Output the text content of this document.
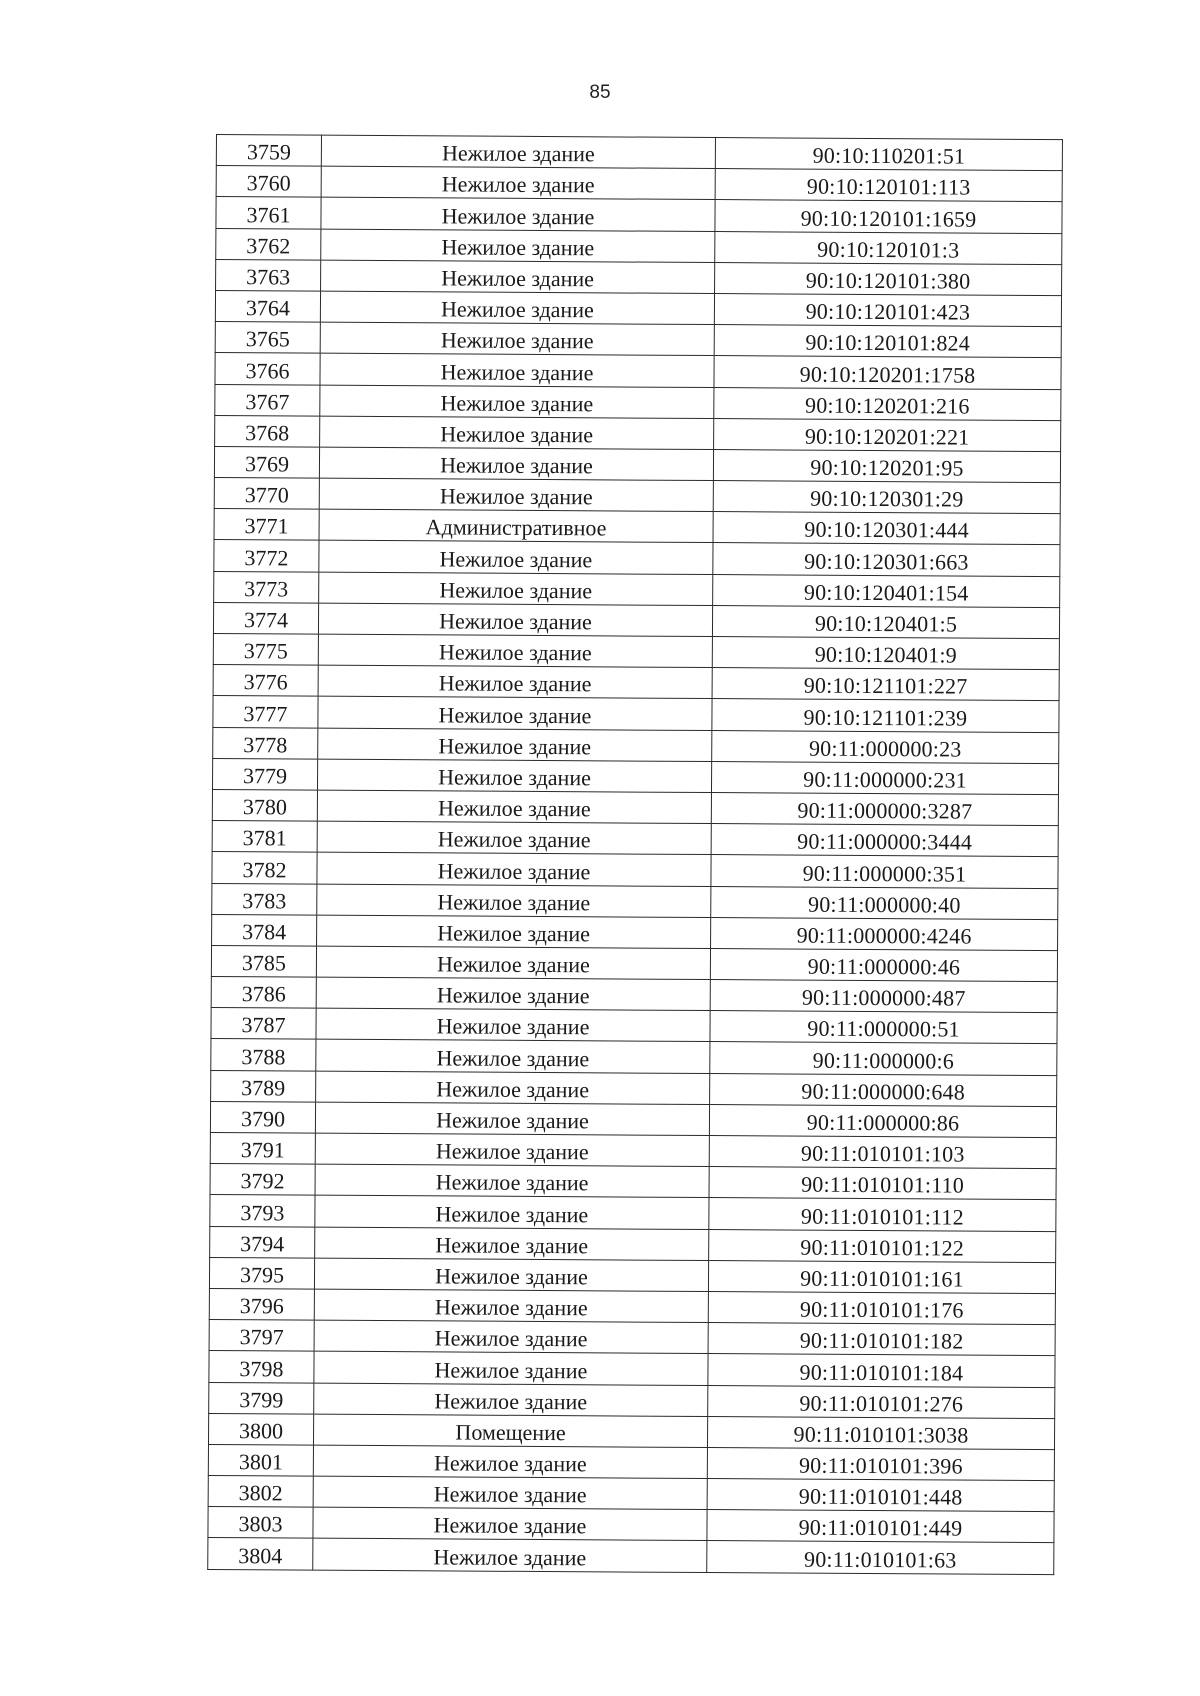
85
3759	Нежилое здание	90:10:110201:51
3760	Нежилое здание	90:10:120101:113
3761	Нежилое здание	90:10:120101:1659
3762	Нежилое здание	90:10:120101:3
3763	Нежилое здание	90:10:120101:380
3764	Нежилое здание	90:10:120101:423
3765	Нежилое здание	90:10:120101:824
3766	Нежилое здание	90:10:120201:1758
3767	Нежилое здание	90:10:120201:216
3768	Нежилое здание	90:10:120201:221
3769	Нежилое здание	90:10:120201:95
3770	Нежилое здание	90:10:120301:29
3771	Административное	90:10:120301:444
3772	Нежилое здание	90:10:120301:663
3773	Нежилое здание	90:10:120401:154
3774	Нежилое здание	90:10:120401:5
3775	Нежилое здание	90:10:120401:9
3776	Нежилое здание	90:10:121101:227
3777	Нежилое здание	90:10:121101:239
3778	Нежилое здание	90:11:000000:23
3779	Нежилое здание	90:11:000000:231
3780	Нежилое здание	90:11:000000:3287
3781	Нежилое здание	90:11:000000:3444
3782	Нежилое здание	90:11:000000:351
3783	Нежилое здание	90:11:000000:40
3784	Нежилое здание	90:11:000000:4246
3785	Нежилое здание	90:11:000000:46
3786	Нежилое здание	90:11:000000:487
3787	Нежилое здание	90:11:000000:51
3788	Нежилое здание	90:11:000000:6
3789	Нежилое здание	90:11:000000:648
3790	Нежилое здание	90:11:000000:86
3791	Нежилое здание	90:11:010101:103
3792	Нежилое здание	90:11:010101:110
3793	Нежилое здание	90:11:010101:112
3794	Нежилое здание	90:11:010101:122
3795	Нежилое здание	90:11:010101:161
3796	Нежилое здание	90:11:010101:176
3797	Нежилое здание	90:11:010101:182
3798	Нежилое здание	90:11:010101:184
3799	Нежилое здание	90:11:010101:276
3800	Помещение	90:11:010101:3038
3801	Нежилое здание	90:11:010101:396
3802	Нежилое здание	90:11:010101:448
3803	Нежилое здание	90:11:010101:449
3804	Нежилое здание	90:11:010101:63
